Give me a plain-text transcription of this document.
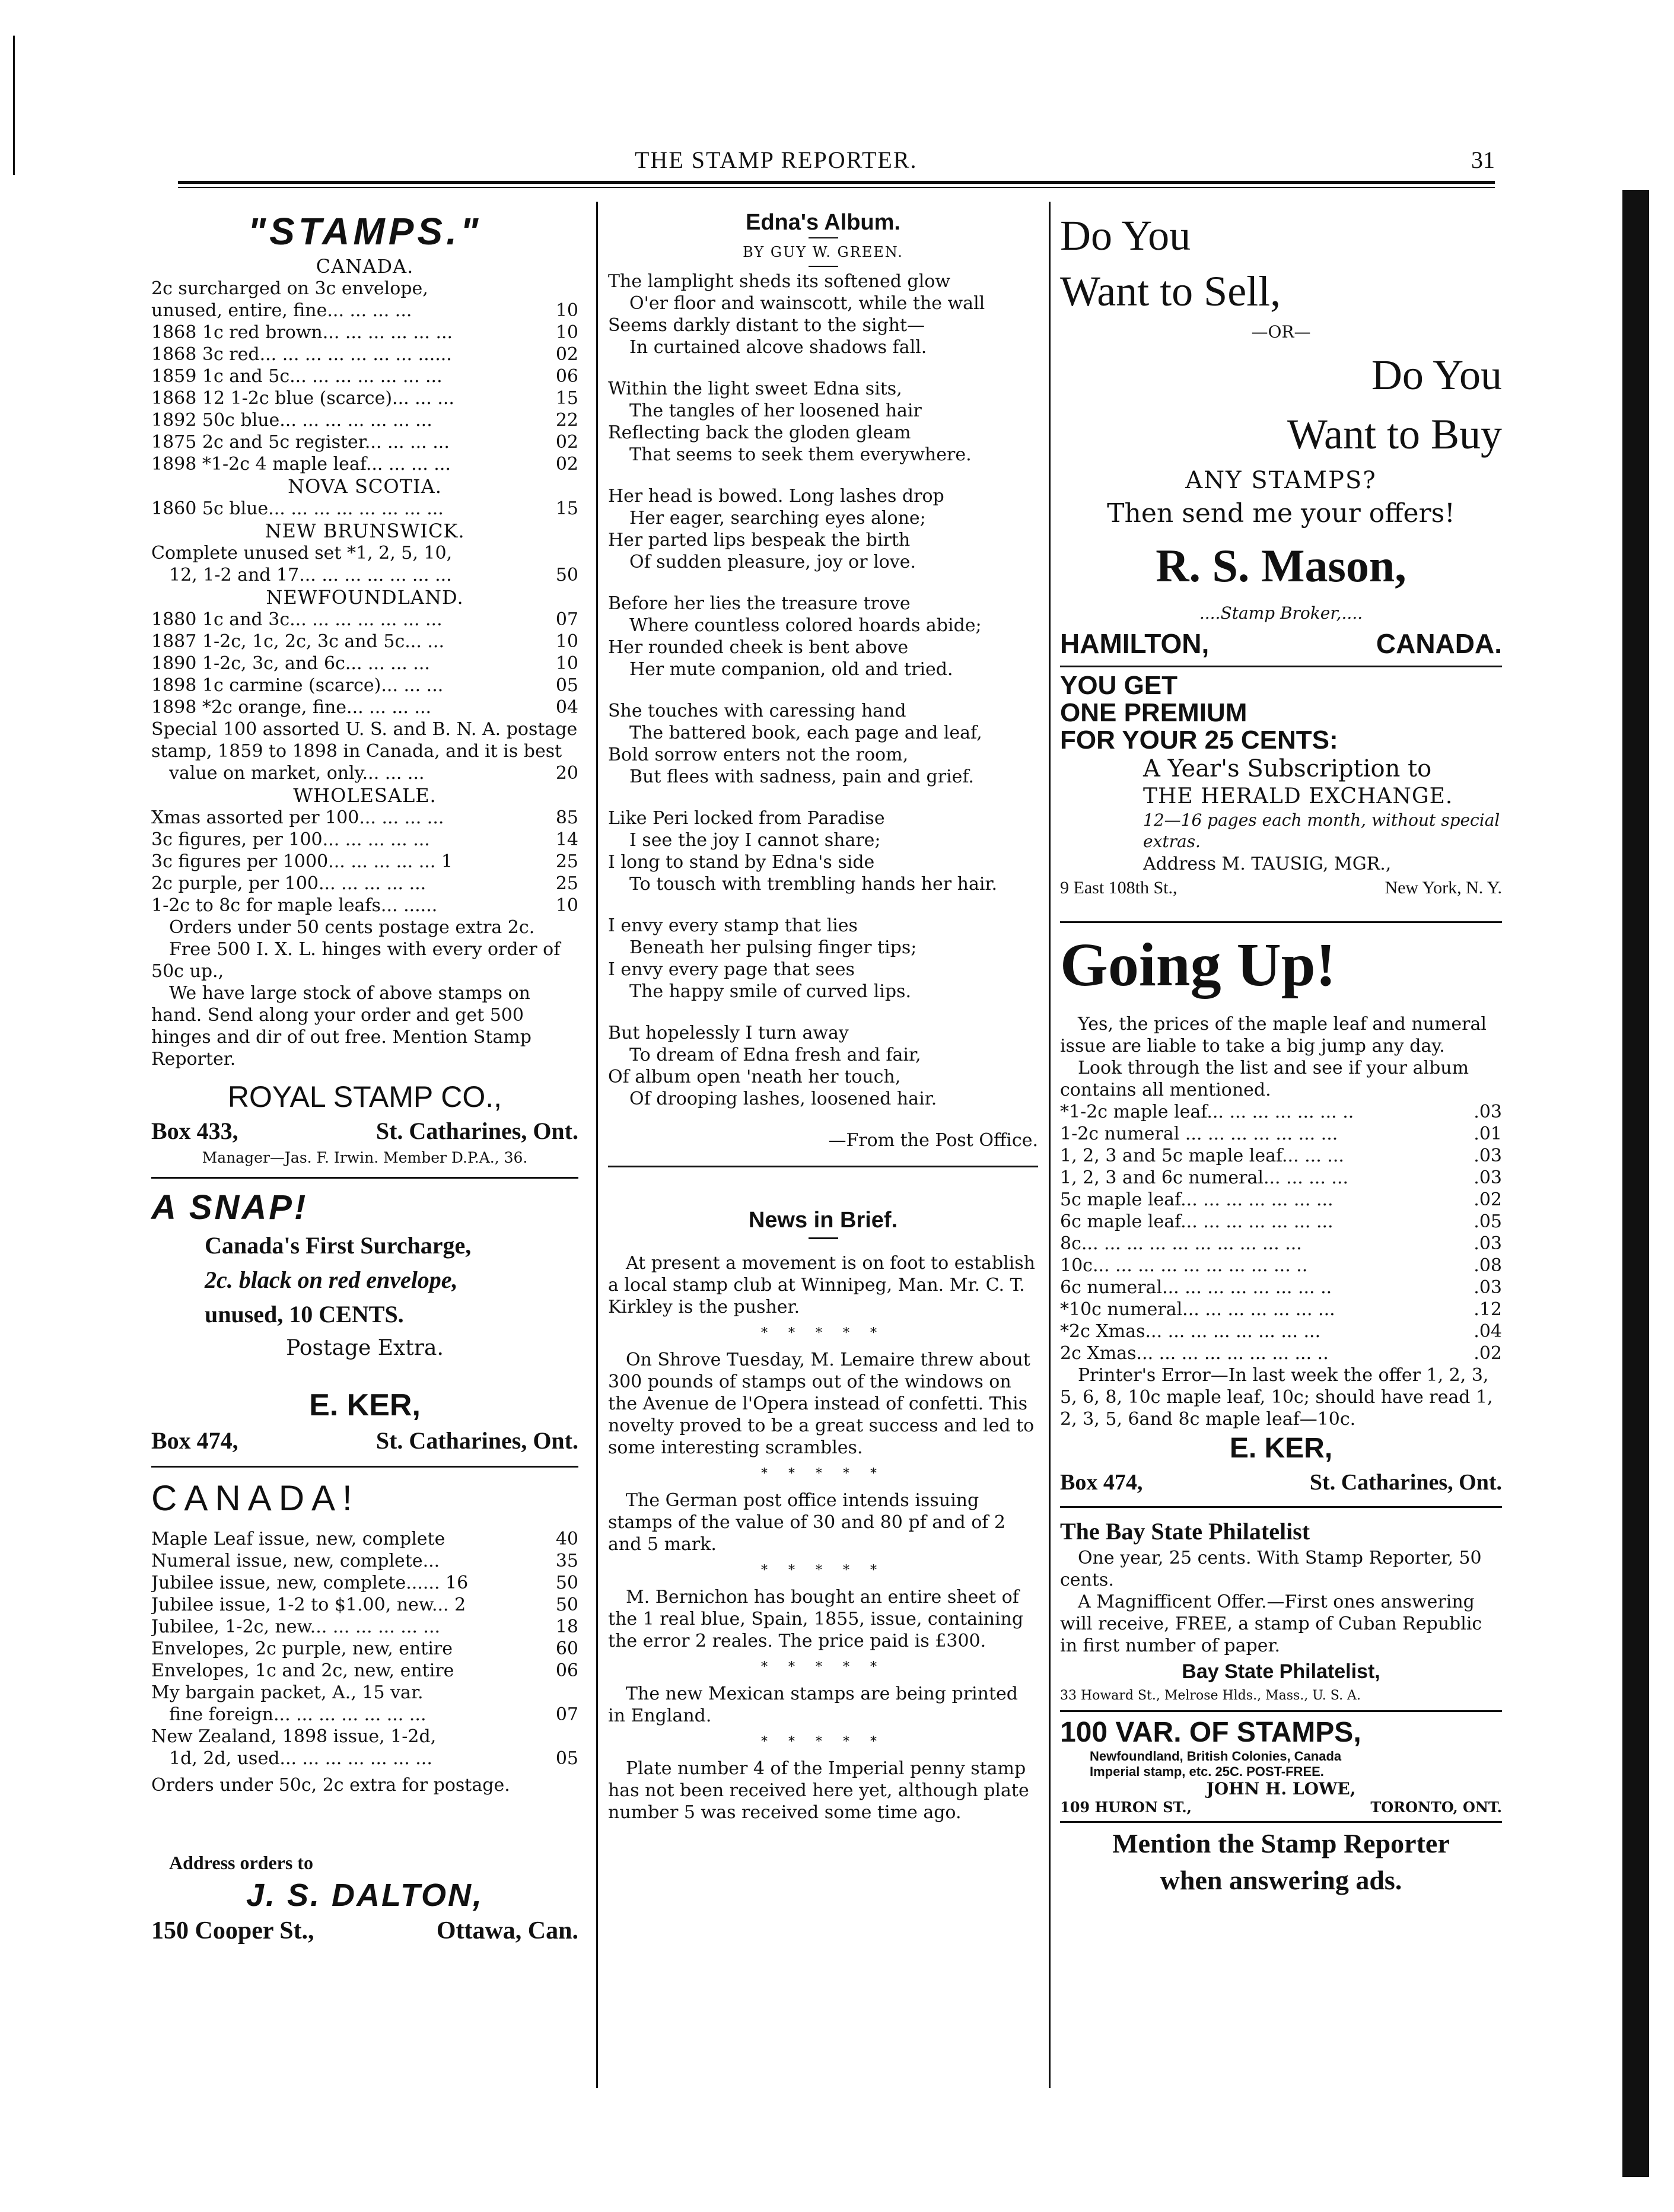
THE STAMP REPORTER.	31
"STAMPS."
CANADA.
2c surcharged on 3c envelope,
unused, entire, fine... ... ... ...	10
1868 1c red brown... ... ... ... ... ...	10
1868 3c red... ... ... ... ... ... ... ......	02
1859 1c and 5c... ... ... ... ... ... ...	06
1868 12 1-2c blue (scarce)... ... ...	15
1892 50c blue... ... ... ... ... ... ...	22
1875 2c and 5c register... ... ... ...	02
1898 *1-2c 4 maple leaf... ... ... ...	02
NOVA SCOTIA.
1860 5c blue... ... ... ... ... ... ... ...	15
NEW BRUNSWICK.
Complete unused set *1, 2, 5, 10,
12, 1-2 and 17... ... ... ... ... ... ...	50
NEWFOUNDLAND.
1880 1c and 3c... ... ... ... ... ... ...	07
1887 1-2c, 1c, 2c, 3c and 5c... ...	10
1890 1-2c, 3c, and 6c... ... ... ...	10
1898 1c carmine (scarce)... ... ...	05
1898 *2c orange, fine... ... ... ...	04
Special 100 assorted U. S. and B. N. A. postage stamp, 1859 to 1898 in Canada, and it is best
value on market, only... ... ...	20
WHOLESALE.
Xmas assorted per 100... ... ... ...	85
3c figures, per 100... ... ... ... ...	14
3c figures per 1000... ... ... ... ... 1	25
2c purple, per 100... ... ... ... ...	25
1-2c to 8c for maple leafs... ......	10
Orders under 50 cents postage extra 2c.
Free 500 I. X. L. hinges with every order of 50c up.,
We have large stock of above stamps on hand. Send along your order and get 500 hinges and dir of out free. Mention Stamp Reporter.
ROYAL STAMP CO.,
Box 433,	St. Catharines, Ont.
Manager—Jas. F. Irwin. Member D.P.A., 36.
A SNAP!
Canada's First Surcharge,
2c. black on red envelope,
unused, 10 CENTS.
Postage Extra.
E. KER,
Box 474,	St. Catharines, Ont.
CANADA!
Maple Leaf issue, new, complete	40
Numeral issue, new, complete...	35
Jubilee issue, new, complete...... 16	50
Jubilee issue, 1-2 to $1.00, new... 2	50
Jubilee, 1-2c, new... ... ... ... ... ...	18
Envelopes, 2c purple, new, entire	60
Envelopes, 1c and 2c, new, entire	06
My bargain packet, A., 15 var.
fine foreign... ... ... ... ... ... ...	07
New Zealand, 1898 issue, 1-2d,
1d, 2d, used... ... ... ... ... ... ...	05
Orders under 50c, 2c extra for postage.
Address orders to
J. S. DALTON,
150 Cooper St.,	Ottawa, Can.
Edna's Album.
BY GUY W. GREEN.
The lamplight sheds its softened glow
O'er floor and wainscott, while the wall
Seems darkly distant to the sight—
In curtained alcove shadows fall.
Within the light sweet Edna sits,
The tangles of her loosened hair
Reflecting back the gloden gleam
That seems to seek them everywhere.
Her head is bowed. Long lashes drop
Her eager, searching eyes alone;
Her parted lips bespeak the birth
Of sudden pleasure, joy or love.
Before her lies the treasure trove
Where countless colored hoards abide;
Her rounded cheek is bent above
Her mute companion, old and tried.
She touches with caressing hand
The battered book, each page and leaf,
Bold sorrow enters not the room,
But flees with sadness, pain and grief.
Like Peri locked from Paradise
I see the joy I cannot share;
I long to stand by Edna's side
To tousch with trembling hands her hair.
I envy every stamp that lies
Beneath her pulsing finger tips;
I envy every page that sees
The happy smile of curved lips.
But hopelessly I turn away
To dream of Edna fresh and fair,
Of album open 'neath her touch,
Of drooping lashes, loosened hair.
—From the Post Office.
News in Brief.
At present a movement is on foot to establish a local stamp club at Winnipeg, Man. Mr. C. T. Kirkley is the pusher.
* * * * *
On Shrove Tuesday, M. Lemaire threw about 300 pounds of stamps out of the windows on the Avenue de l'Opera instead of confetti. This novelty proved to be a great success and led to some interesting scrambles.
* * * * *
The German post office intends issuing stamps of the value of 30 and 80 pf and of 2 and 5 mark.
* * * * *
M. Bernichon has bought an entire sheet of the 1 real blue, Spain, 1855, issue, containing the error 2 reales. The price paid is £300.
* * * * *
The new Mexican stamps are being printed in England.
* * * * *
Plate number 4 of the Imperial penny stamp has not been received here yet, although plate number 5 was received some time ago.
Do You
Want to Sell,
—OR—
Do You
Want to Buy
ANY STAMPS?
Then send me your offers!
R. S. Mason,
....Stamp Broker,....
HAMILTON,	CANADA.
YOU GET
ONE PREMIUM
FOR YOUR 25 CENTS:
A Year's Subscription to
THE HERALD EXCHANGE.
12—16 pages each month, without special extras.
Address M. TAUSIG, MGR.,
9 East 108th St.,	New York, N. Y.
Going Up!
Yes, the prices of the maple leaf and numeral issue are liable to take a big jump any day.
Look through the list and see if your album contains all mentioned.
*1-2c maple leaf... ... ... ... ... ... ..	.03
1-2c numeral ... ... ... ... ... ... ...	.01
1, 2, 3 and 5c maple leaf... ... ...	.03
1, 2, 3 and 6c numeral... ... ... ...	.03
5c maple leaf... ... ... ... ... ... ...	.02
6c maple leaf... ... ... ... ... ... ...	.05
8c... ... ... ... ... ... ... ... ... ...	.03
10c... ... ... ... ... ... ... ... ... ..	.08
6c numeral... ... ... ... ... ... ... ..	.03
*10c numeral... ... ... ... ... ... ...	.12
*2c Xmas... ... ... ... ... ... ... ...	.04
2c Xmas... ... ... ... ... ... ... ... ..	.02
Printer's Error—In last week the offer 1, 2, 3, 5, 6, 8, 10c maple leaf, 10c; should have read 1, 2, 3, 5, 6and 8c maple leaf—10c.
E. KER,
Box 474,	St. Catharines, Ont.
The Bay State Philatelist
One year, 25 cents. With Stamp Reporter, 50 cents.
A Magnifficent Offer.—First ones answering will receive, FREE, a stamp of Cuban Republic in first number of paper.
Bay State Philatelist,
33 Howard St., Melrose Hlds., Mass., U. S. A.
100 VAR. OF STAMPS,
Newfoundland, British Colonies, Canada
Imperial stamp, etc. 25C. POST-FREE.
JOHN H. LOWE,
109 HURON ST.,	TORONTO, ONT.
Mention the Stamp Reporter
when answering ads.
